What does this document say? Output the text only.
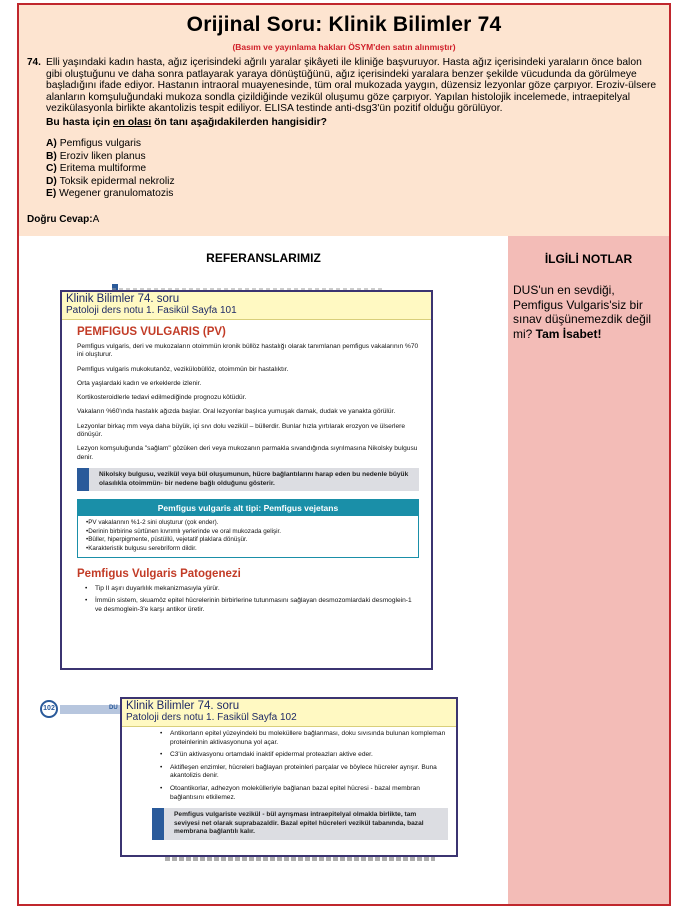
Orijinal Soru: Klinik Bilimler 74
(Basım ve yayınlama hakları ÖSYM'den satın alınmıştır)
74. Elli yaşındaki kadın hasta, ağız içerisindeki ağrılı yaralar şikâyeti ile kliniğe başvuruyor. Hasta ağız içerisindeki yaraların önce balon gibi oluştuğunu ve daha sonra patlayarak yaraya dönüştüğünü, ağız içerisindeki yaralara benzer şekilde vücudunda da görülmeye başladığını ifade ediyor. Hastanın intraoral muayenesinde, tüm oral mukozada yaygın, düzensiz lezyonlar göze çarpıyor. Eroziv-ülsere alanların komşuluğundaki mukoza sondla çizildiğinde vezikül oluşumu göze çarpıyor. Yapılan histolojik incelemede, intraepitelyal vezikülasyonla birlikte akantolizis tespit ediliyor. ELISA testinde anti-dsg3'ün pozitif olduğu görülüyor.
Bu hasta için en olası ön tanı aşağıdakilerden hangisidir?
A) Pemfigus vulgaris
B) Eroziv liken planus
C) Eritema multiforme
D) Toksik epidermal nekroliz
E) Wegener granulomatozis
Doğru Cevap:A
REFERANSLARIMIZ	İLGİLİ NOTLAR
DUS'un en sevdiği, Pemfigus Vulgaris'siz bir sınav düşünemezdik değil mi? Tam İsabet!
Klinik Bilimler 74. soru
Patoloji ders notu 1. Fasikül Sayfa 101
PEMFIGUS VULGARIS (PV)
Pemfigus vulgaris, deri ve mukozaların otoimmün kronik büllöz hastalığı olarak tanımlanan pemfigus vakalarının %70 ini oluşturur.
Pemfigus vulgaris mukokutanöz, vezikülobüllöz, otoimmün bir hastalıktır.
Orta yaşlardaki kadın ve erkeklerde izlenir.
Kortikosteroidlerle tedavi edilmediğinde prognozu kötüdür.
Vakaların %60'ında hastalık ağızda başlar. Oral lezyonlar başlıca yumuşak damak, dudak ve yanakta görülür.
Lezyonlar birkaç mm veya daha büyük, içi sıvı dolu vezikül – büllerdir. Bunlar hızla yırtılarak erozyon ve ülserlere dönüşür.
Lezyon komşuluğunda "sağlam" gözüken deri veya mukozanın parmakla sıvandığında sıyrılmasına Nikolsky bulgusu denir.
Nikolsky bulgusu, vezikül veya bül oluşumunun, hücre bağlantılarını harap eden bu nedenle büyük olasılıkla otoimmün- bir nedene bağlı olduğunu gösterir.
Pemfigus vulgaris alt tipi: Pemfigus vejetans
• PV vakalarının %1-2 sini oluşturur (çok ender).
• Derinin birbirine sürtünen kıvrımlı yerlerinde ve oral mukozada gelişir.
• Büller, hiperpigmente, püstüllü, vejetatif plaklara dönüşür.
• Karakteristik bulgusu serebriform dildir.
Pemfigus Vulgaris Patogenezi
• Tip II aşırı duyarlılık mekanizmasıyla yürür.
• İmmün sistem, skuamöz epitel hücrelerinin birbirlerine tutunmasını sağlayan desmozomlardaki desmoglein-1 ve desmoglein-3'e karşı antikor üretir.
102	DU Klinik Bilimler 74. soru
Patoloji ders notu 1. Fasikül Sayfa 102
• Antikorların epitel yüzeyindeki bu moleküllere bağlanması, doku sıvısında bulunan kompleman proteinlerinin aktivasyonuna yol açar.
• C3'ün aktivasyonu ortamdaki inaktif epidermal proteazları aktive eder.
• Aktifleşen enzimler, hücreleri bağlayan proteinleri parçalar ve böylece hücreler ayrışır. Buna akantolizis denir.
• Otoantikorlar, adhezyon molekülleriyle bağlanan bazal epitel hücresi - bazal membran bağlantısını etkilemez.
Pemfigus vulgariste vezikül - bül ayrışması intraepitelyal olmakla birlikte, tam seviyesi net olarak suprabazaldir. Bazal epitel hücreleri vezikül tabanında, bazal membrana bağlantılı kalır.
